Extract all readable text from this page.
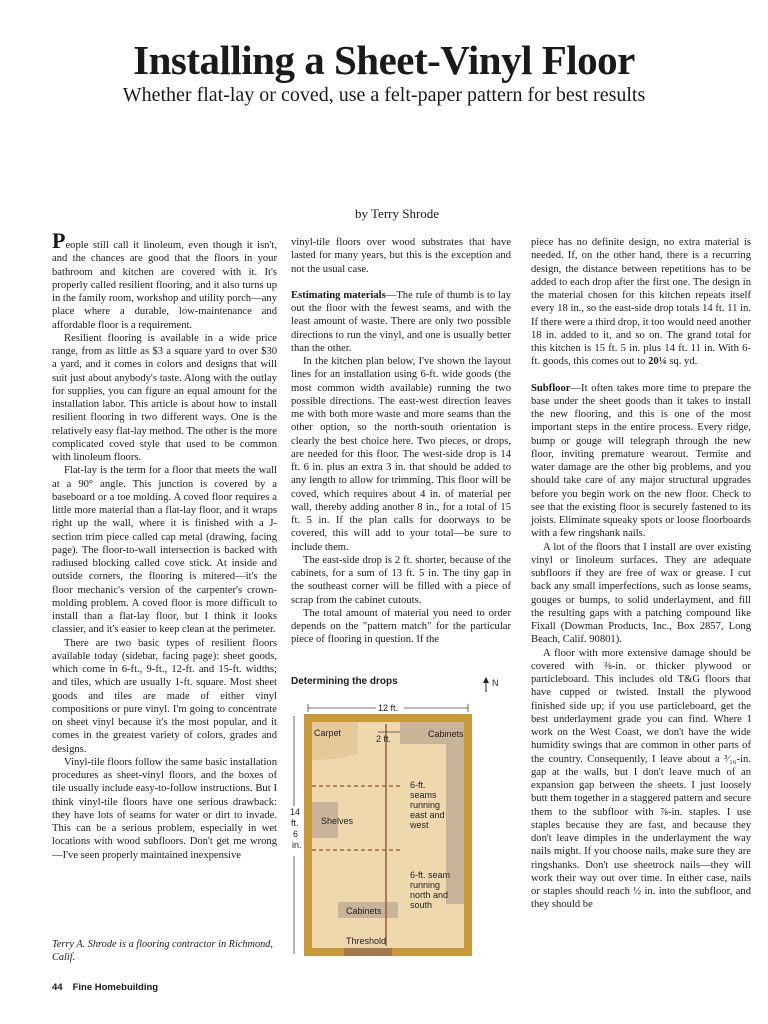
Installing a Sheet-Vinyl Floor
Whether flat-lay or coved, use a felt-paper pattern for best results
by Terry Shrode

People still call it linoleum, even though it isn't, and the chances are good that the floors in your bathroom and kitchen are covered with it. It's properly called resilient flooring, and it also turns up in the family room, workshop and utility porch—any place where a durable, low-maintenance and affordable floor is a requirement.

Resilient flooring is available in a wide price range, from as little as $3 a square yard to over $30 a yard, and it comes in colors and designs that will suit just about anybody's taste. Along with the outlay for supplies, you can figure an equal amount for the installation labor. This article is about how to install resilient flooring in two different ways. One is the relatively easy flat-lay method. The other is the more complicated coved style that used to be common with linoleum floors.

Flat-lay is the term for a floor that meets the wall at a 90° angle. This junction is covered by a baseboard or a toe molding. A coved floor requires a little more material than a flat-lay floor, and it wraps right up the wall, where it is finished with a J-section trim piece called cap metal (drawing, facing page). The floor-to-wall intersection is backed with radiused blocking called cove stick. At inside and outside corners, the flooring is mitered—it's the floor mechanic's version of the carpenter's crown-molding problem. A coved floor is more difficult to install than a flat-lay floor, but I think it looks classier, and it's easier to keep clean at the perimeter.

There are two basic types of resilient floors available today (sidebar, facing page): sheet goods, which come in 6-ft., 9-ft., 12-ft. and 15-ft. widths; and tiles, which are usually 1-ft. square. Most sheet goods and tiles are made of either vinyl compositions or pure vinyl. I'm going to concentrate on sheet vinyl because it's the most popular, and it comes in the greatest variety of colors, grades and designs.

Vinyl-tile floors follow the same basic installation procedures as sheet-vinyl floors, and the boxes of tile usually include easy-to-follow instructions. But I think vinyl-tile floors have one serious drawback: they have lots of seams for water or dirt to invade. This can be a serious problem, especially in wet locations with wood subfloors. Don't get me wrong—I've seen properly maintained inexpensive

Terry A. Shrode is a flooring contractor in Richmond, Calif.
44 Fine Homebuilding

vinyl-tile floors over wood substrates that have lasted for many years, but this is the exception and not the usual case.

Estimating materials—The rule of thumb is to lay out the floor with the fewest seams, and with the least amount of waste. There are only two possible directions to run the vinyl, and one is usually better than the other.

In the kitchen plan below, I've shown the layout lines for an installation using 6-ft. wide goods (the most common width available) running the two possible directions. The east-west direction leaves me with both more waste and more seams than the other option, so the north-south orientation is clearly the best choice here. Two pieces, or drops, are needed for this floor. The west-side drop is 14 ft. 6 in. plus an extra 3 in. that should be added to any length to allow for trimming. This floor will be coved, which requires about 4 in. of material per wall, thereby adding another 8 in., for a total of 15 ft. 5 in. If the plan calls for doorways to be covered, this will add to your total—be sure to include them.

The east-side drop is 2 ft. shorter, because of the cabinets, for a sum of 13 ft. 5 in. The tiny gap in the southeast corner will be filled with a piece of scrap from the cabinet cutouts.

The total amount of material you need to order depends on the "pattern match" for the particular piece of flooring in question. If the

Determining the drops	N
12 ft.
14
ft.
6
in.
Carpet
2 ft.	Cabinets
Shelves
6-ft.
seams
running
east and
west
6-ft. seam
running
north and
south
Cabinets
Threshold

piece has no definite design, no extra material is needed. If, on the other hand, there is a recurring design, the distance between repetitions has to be added to each drop after the first one. The design in the material chosen for this kitchen repeats itself every 18 in., so the east-side drop totals 14 ft. 11 in. If there were a third drop, it too would need another 18 in. added to it, and so on. The grand total for this kitchen is 15 ft. 5 in. plus 14 ft. 11 in. With 6-ft. goods, this comes out to 20¼ sq. yd.

Subfloor—It often takes more time to prepare the base under the sheet goods than it takes to install the new flooring, and this is one of the most important steps in the entire process. Every ridge, bump or gouge will telegraph through the new floor, inviting premature wearout. Termite and water damage are the other big problems, and you should take care of any major structural upgrades before you begin work on the new floor. Check to see that the existing floor is securely fastened to its joists. Eliminate squeaky spots or loose floorboards with a few ringshank nails.

A lot of the floors that I install are over existing vinyl or linoleum surfaces. They are adequate subfloors if they are free of wax or grease. I cut back any small imperfections, such as loose seams, gouges or bumps, to solid underlayment, and fill the resulting gaps with a patching compound like Fixall (Dowman Products, Inc., Box 2857, Long Beach, Calif. 90801).

A floor with more extensive damage should be covered with ⅜-in. or thicker plywood or particleboard. This includes old T&G floors that have cupped or twisted. Install the plywood finished side up; if you use particleboard, get the best underlayment grade you can find. Where I work on the West Coast, we don't have the wide humidity swings that are common in other parts of the country. Consequently, I leave about a ³⁄₁₆-in. gap at the walls, but I don't leave much of an expansion gap between the sheets. I just loosely butt them together in a staggered pattern and secure them to the subfloor with ⅞-in. staples. I use staples because they are fast, and because they don't leave dimples in the underlayment the way nails might. If you choose nails, make sure they are ringshanks. Don't use sheetrock nails—they will work their way out over time. In either case, nails or staples should reach ½ in. into the subfloor, and they should be
